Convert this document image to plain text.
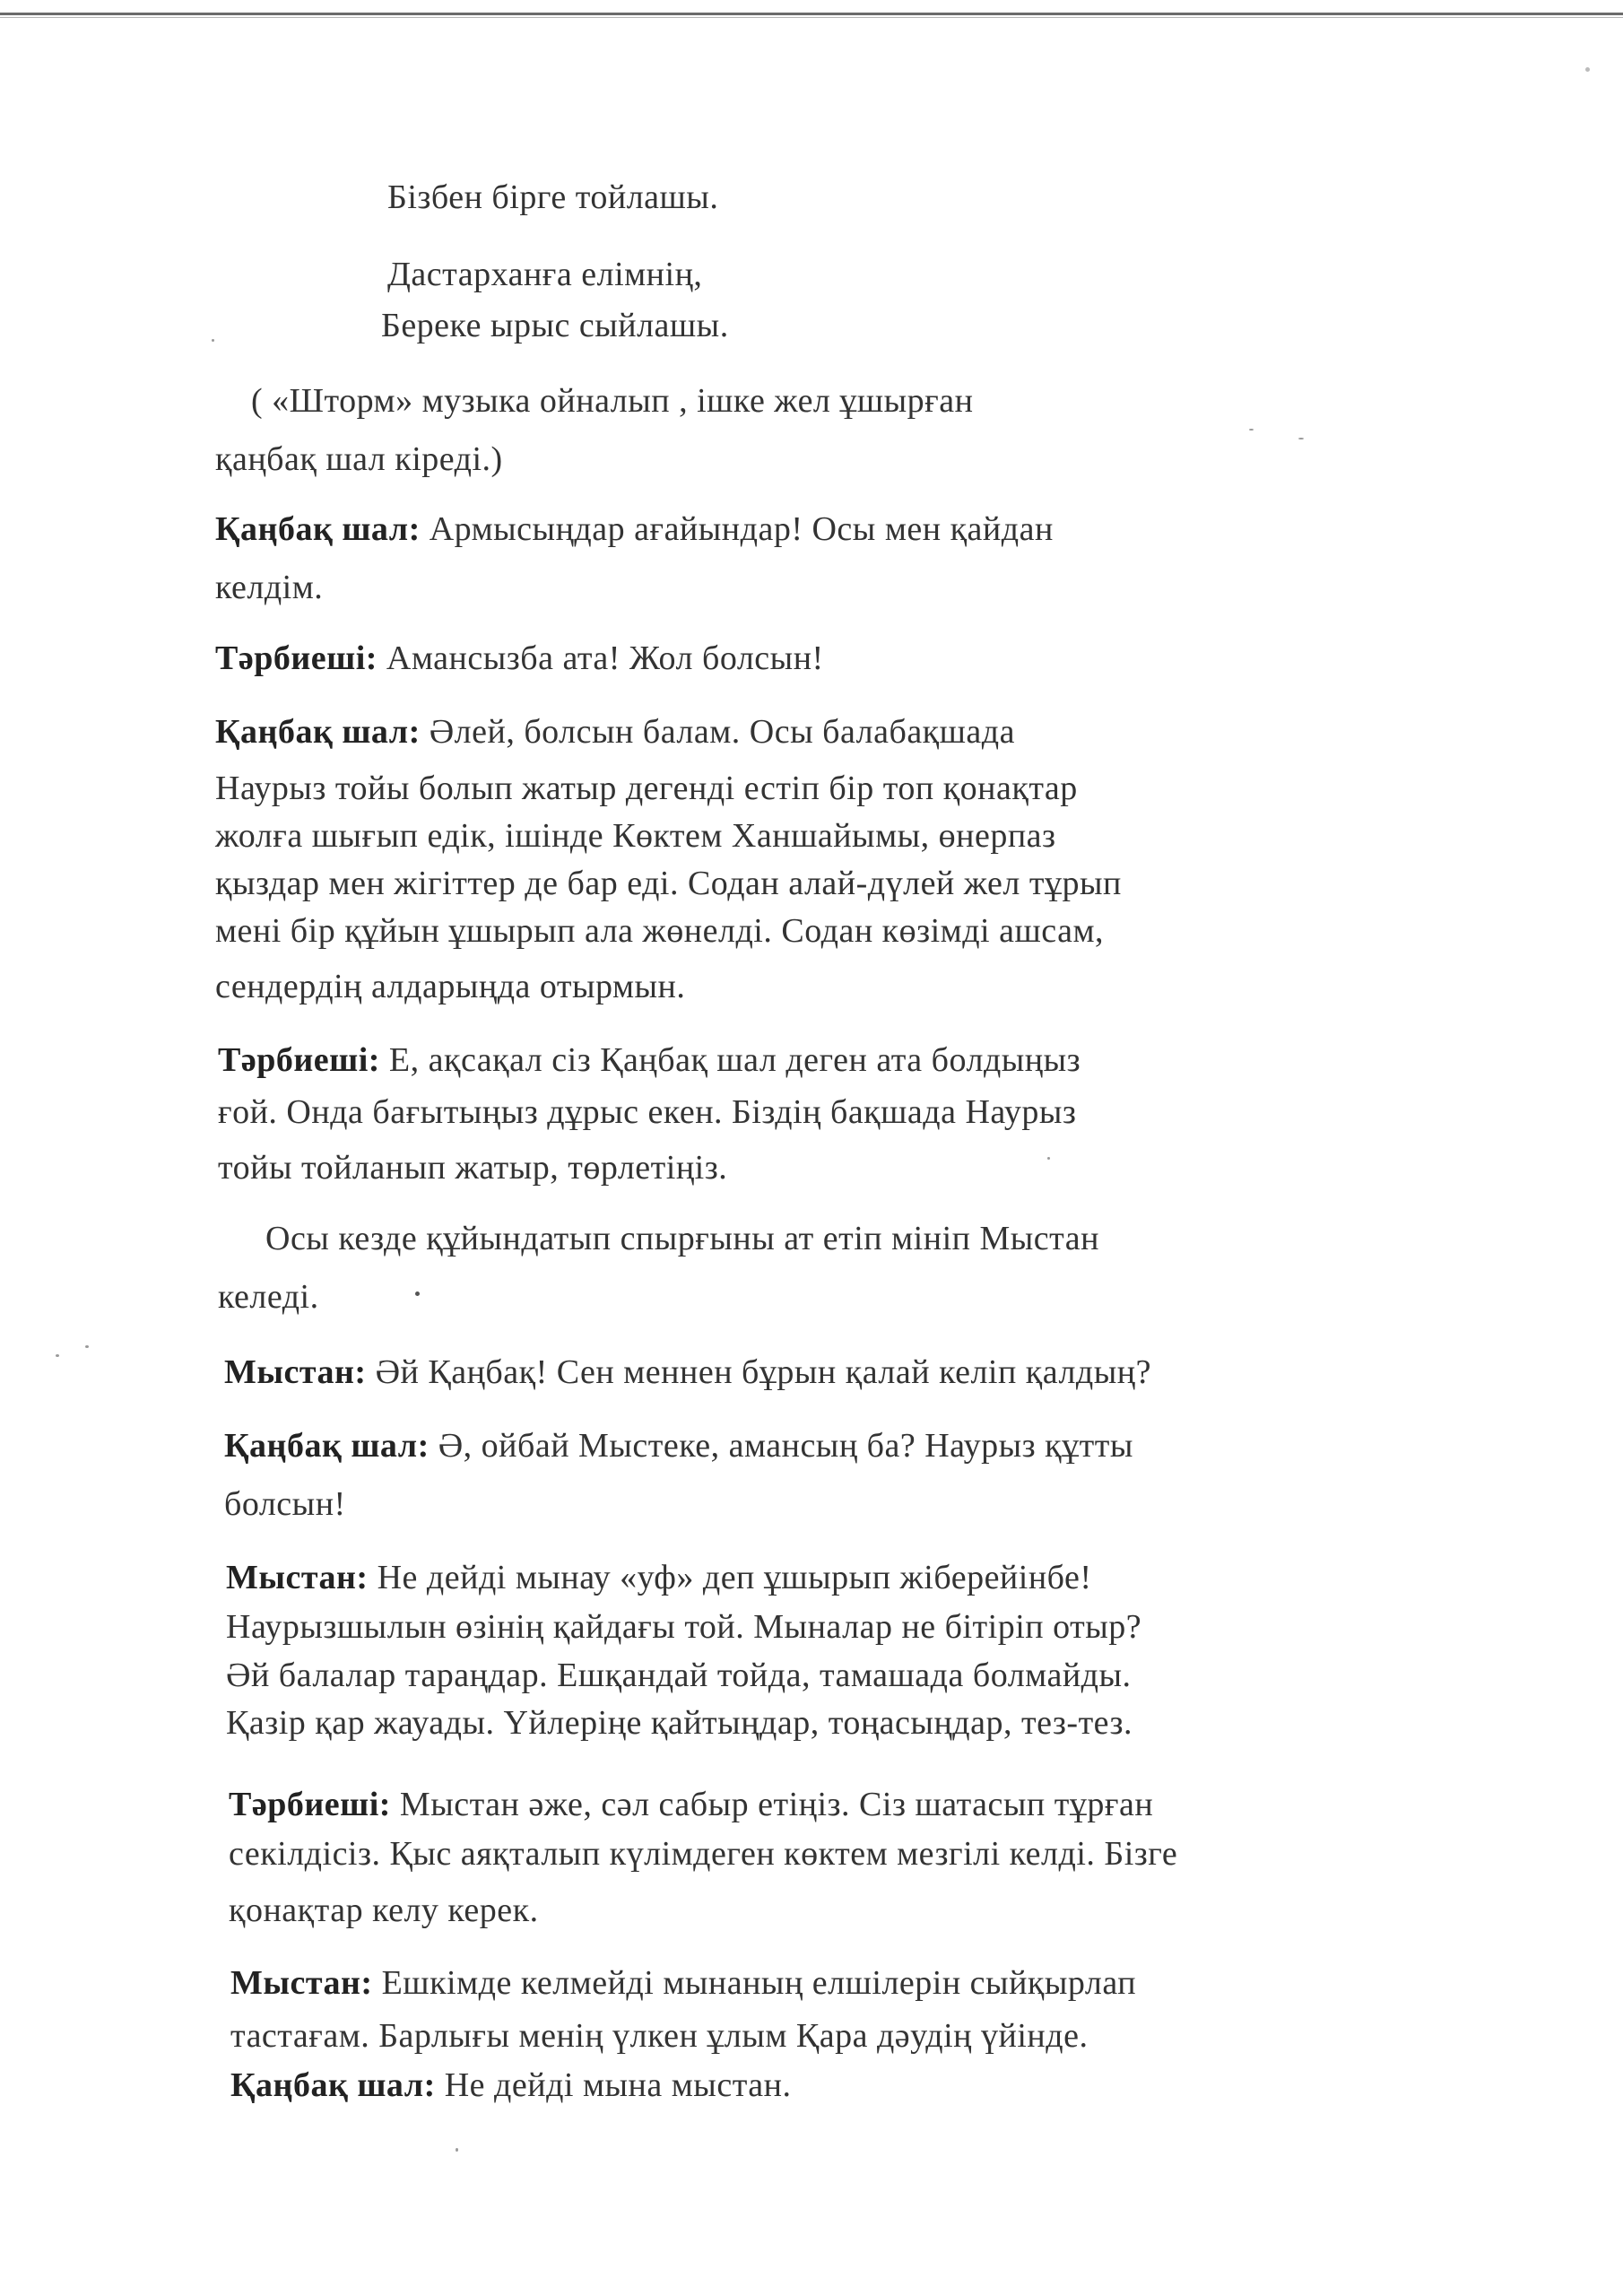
Бізбен бірге тойлашы.
Дастарханға елімнің,
Береке ырыс сыйлашы.
( «Шторм» музыка ойналып , ішке жел ұшырған
қаңбақ шал кіреді.)
Қаңбақ шал: Армысыңдар ағайындар! Осы мен қайдан
келдім.
Тәрбиеші: Амансызба ата! Жол болсын!
Қаңбақ шал: Әлей, болсын балам. Осы балабақшада
Наурыз тойы болып жатыр дегенді естіп бір топ қонақтар
жолға шығып едік, ішінде Көктем Ханшайымы, өнерпаз
қыздар мен жігіттер де бар еді. Содан алай-дүлей жел тұрып
мені бір құйын ұшырып ала жөнелді. Содан көзімді ашсам,
сендердің алдарыңда отырмын.
Тәрбиеші: Е, ақсақал сіз Қаңбақ шал деген ата болдыңыз
ғой. Онда бағытыңыз дұрыс екен. Біздің бақшада Наурыз
тойы тойланып жатыр, төрлетіңіз.
Осы кезде құйындатып спырғыны ат етіп мініп Мыстан
келеді.
Мыстан: Әй Қаңбақ! Сен меннен бұрын қалай келіп қалдың?
Қаңбақ шал: Ә, ойбай Мыстеке, амансың ба? Наурыз құтты
болсын!
Мыстан: Не дейді мынау «уф» деп ұшырып жіберейінбе!
Наурызшылын өзінің қайдағы той. Мыналар не бітіріп отыр?
Әй балалар тараңдар. Ешқандай тойда, тамашада болмайды.
Қазір қар жауады. Үйлеріңе қайтыңдар, тоңасыңдар, тез-тез.
Тәрбиеші: Мыстан әже, сәл сабыр етіңіз. Сіз шатасып тұрған
секілдісіз. Қыс аяқталып күлімдеген көктем мезгілі келді. Бізге
қонақтар келу керек.
Мыстан: Ешкімде келмейді мынаның елшілерін сыйқырлап
тастағам. Барлығы менің үлкен ұлым Қара дәудің үйінде.
Қаңбақ шал: Не дейді мына мыстан.
